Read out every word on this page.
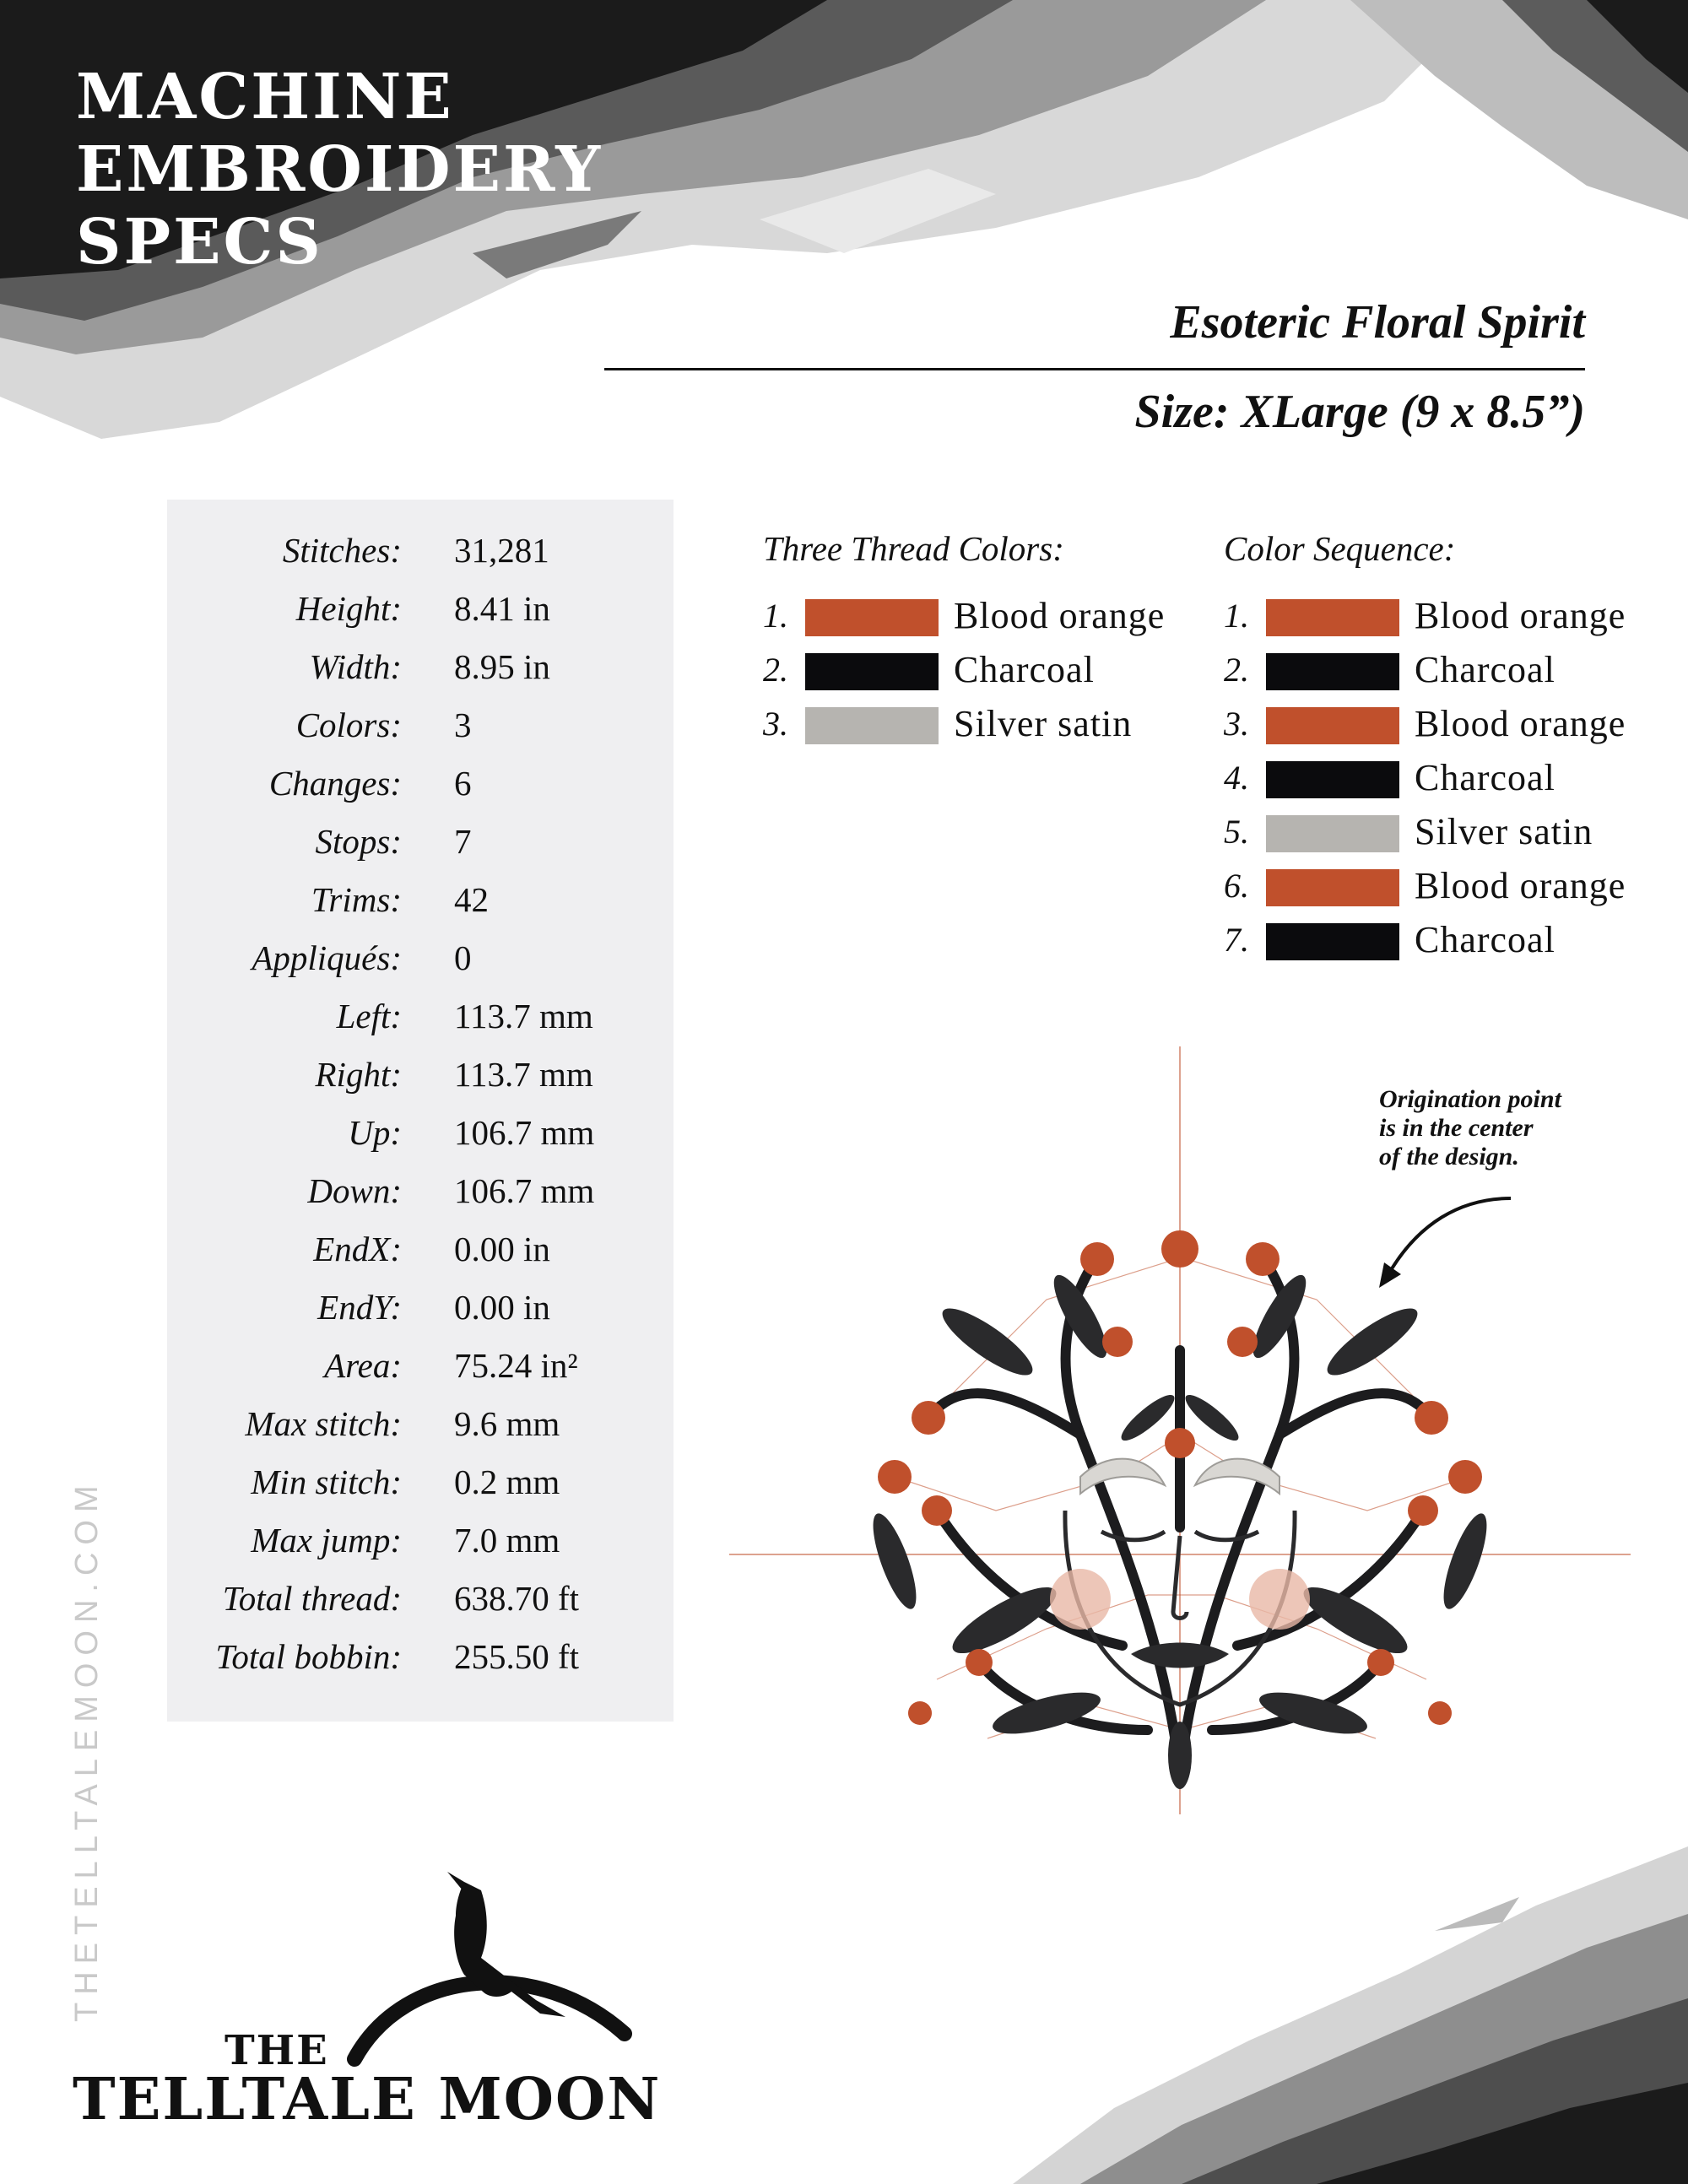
MACHINE
EMBROIDERY
SPECS
Esoteric Floral Spirit
Size: XLarge (9 x 8.5”)
Stitches: 31,281
Height: 8.41 in
Width: 8.95 in
Colors: 3
Changes: 6
Stops: 7
Trims: 42
Appliqués: 0
Left: 113.7 mm
Right: 113.7 mm
Up: 106.7 mm
Down: 106.7 mm
EndX: 0.00 in
EndY: 0.00 in
Area: 75.24 in²
Max stitch: 9.6 mm
Min stitch: 0.2 mm
Max jump: 7.0 mm
Total thread: 638.70 ft
Total bobbin: 255.50 ft
Three Thread Colors:
1.	Blood orange
2.	Charcoal
3.	Silver satin
Color Sequence:
1.	Blood orange
2.	Charcoal
3.	Blood orange
4.	Charcoal
5.	Silver satin
6.	Blood orange
7.	Charcoal
Origination point
is in the center
of the design.
THETELLTALEMOON.COM
THE
TELLTALE MOON
